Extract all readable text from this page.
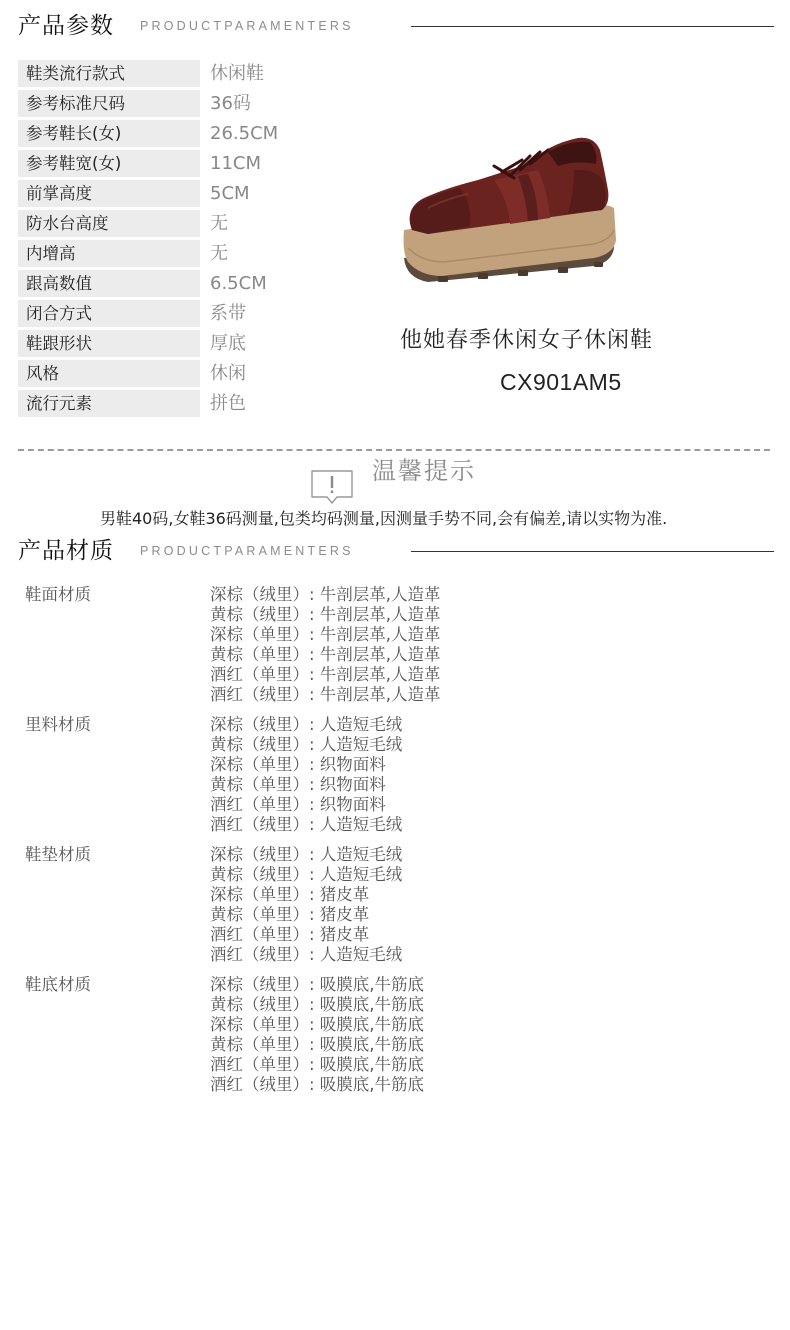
产品参数 PRODUCTPARAMENTERS
鞋类流行款式	休闲鞋
参考标准尺码	36码
参考鞋长(女)	26.5CM
参考鞋宽(女)	11CM
前掌高度	5CM
防水台高度	无
内增高	无
跟高数值	6.5CM
闭合方式	系带
鞋跟形状	厚底
风格	休闲
流行元素	拼色
他她春季休闲女子休闲鞋
CX901AM5
温馨提示
男鞋40码,女鞋36码测量,包类均码测量,因测量手势不同,会有偏差,请以实物为准.
产品材质 PRODUCTPARAMENTERS
鞋面材质	深棕（绒里）: 牛剖层革,人造革
黄棕（绒里）: 牛剖层革,人造革
深棕（单里）: 牛剖层革,人造革
黄棕（单里）: 牛剖层革,人造革
酒红（单里）: 牛剖层革,人造革
酒红（绒里）: 牛剖层革,人造革
里料材质	深棕（绒里）: 人造短毛绒
黄棕（绒里）: 人造短毛绒
深棕（单里）: 织物面料
黄棕（单里）: 织物面料
酒红（单里）: 织物面料
酒红（绒里）: 人造短毛绒
鞋垫材质	深棕（绒里）: 人造短毛绒
黄棕（绒里）: 人造短毛绒
深棕（单里）: 猪皮革
黄棕（单里）: 猪皮革
酒红（单里）: 猪皮革
酒红（绒里）: 人造短毛绒
鞋底材质	深棕（绒里）: 吸膜底,牛筋底
黄棕（绒里）: 吸膜底,牛筋底
深棕（单里）: 吸膜底,牛筋底
黄棕（单里）: 吸膜底,牛筋底
酒红（单里）: 吸膜底,牛筋底
酒红（绒里）: 吸膜底,牛筋底
